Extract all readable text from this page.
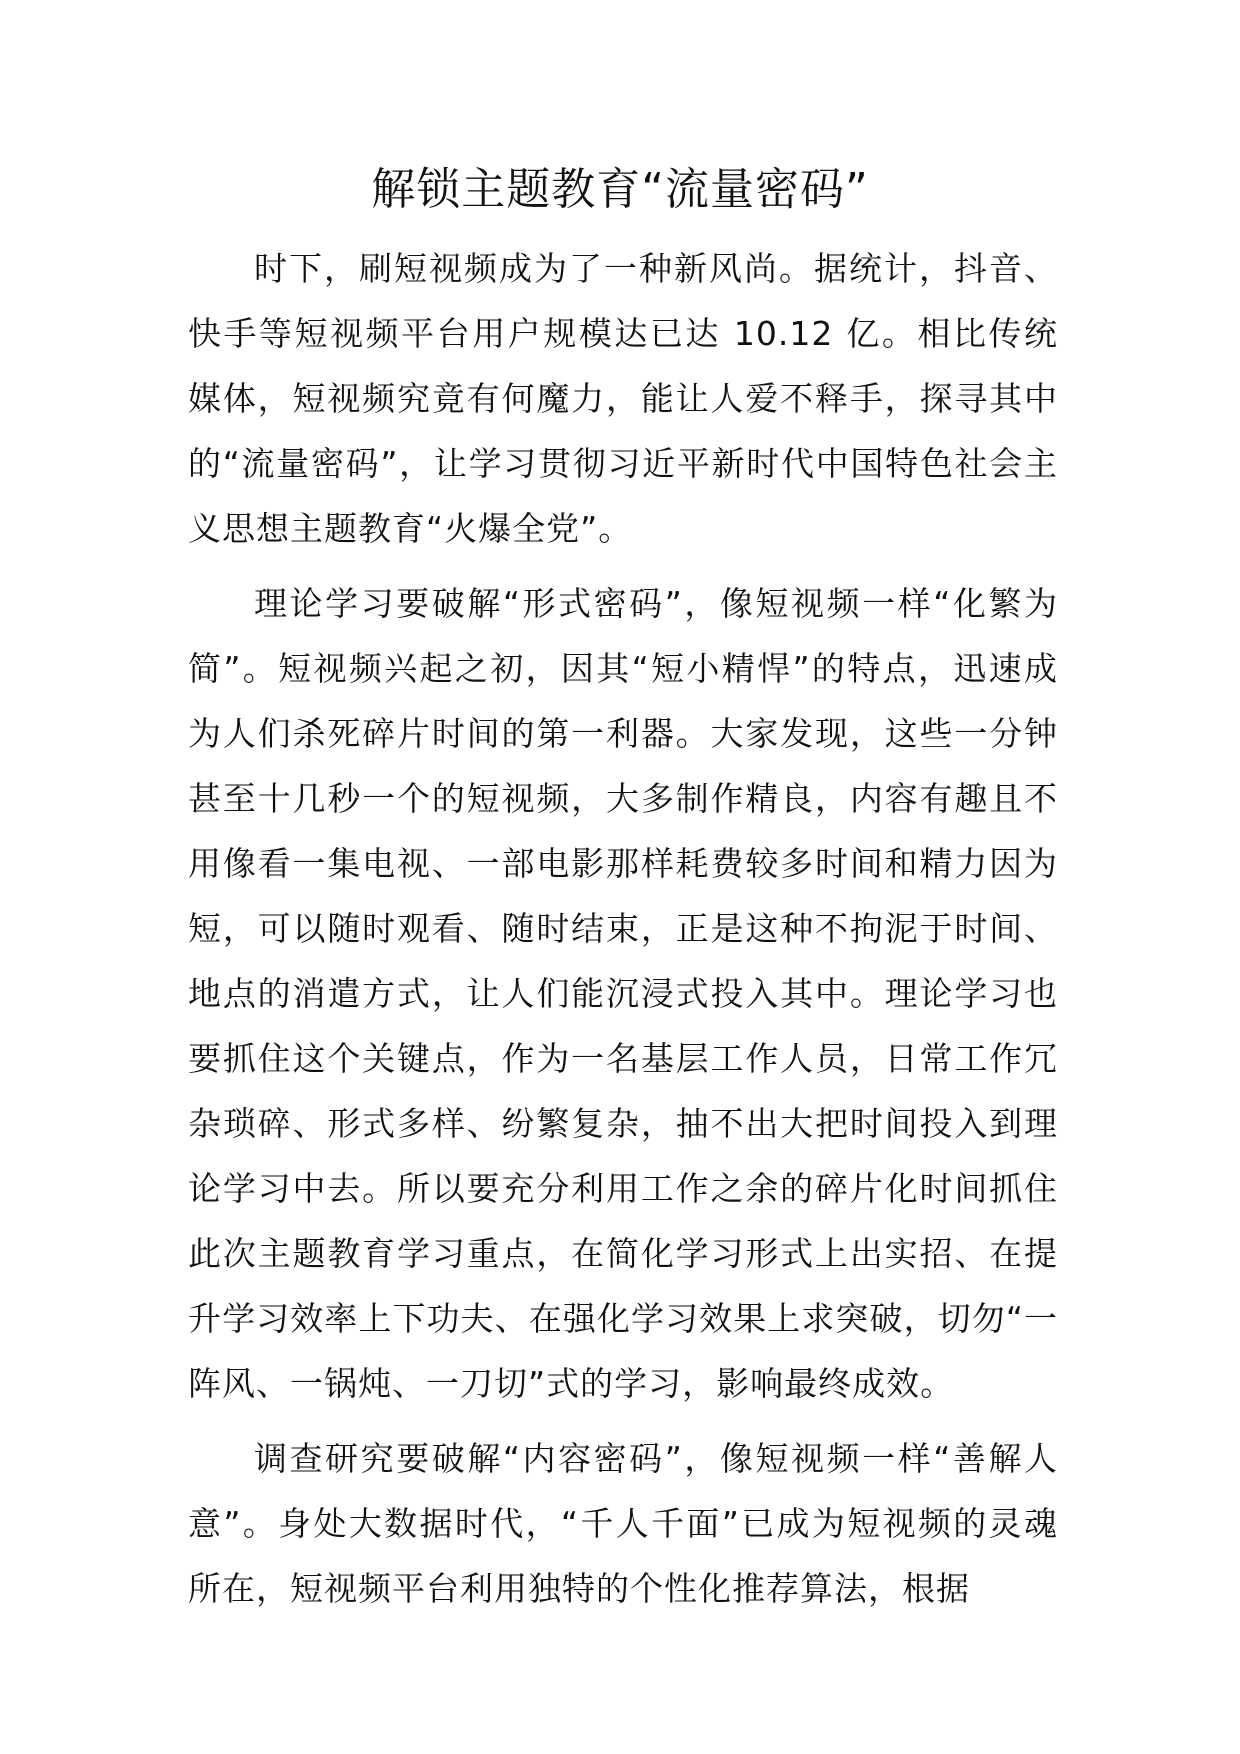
解锁主题教育“流量密码”

时下，刷短视频成为了一种新风尚。据统计，抖音、快手等短视频平台用户规模达已达 10.12 亿。相比传统媒体，短视频究竟有何魔力，能让人爱不释手，探寻其中的“流量密码”，让学习贯彻习近平新时代中国特色社会主义思想主题教育“火爆全党”。

理论学习要破解“形式密码”，像短视频一样“化繁为简”。短视频兴起之初，因其“短小精悍”的特点，迅速成为人们杀死碎片时间的第一利器。大家发现，这些一分钟甚至十几秒一个的短视频，大多制作精良，内容有趣且不用像看一集电视、一部电影那样耗费较多时间和精力因为短，可以随时观看、随时结束，正是这种不拘泥于时间、地点的消遣方式，让人们能沉浸式投入其中。理论学习也要抓住这个关键点，作为一名基层工作人员，日常工作冗杂琐碎、形式多样、纷繁复杂，抽不出大把时间投入到理论学习中去。所以要充分利用工作之余的碎片化时间抓住此次主题教育学习重点，在简化学习形式上出实招、在提升学习效率上下功夫、在强化学习效果上求突破，切勿“一阵风、一锅炖、一刀切”式的学习，影响最终成效。

调查研究要破解“内容密码”，像短视频一样“善解人意”。身处大数据时代，“千人千面”已成为短视频的灵魂所在，短视频平台利用独特的个性化推荐算法，根据
